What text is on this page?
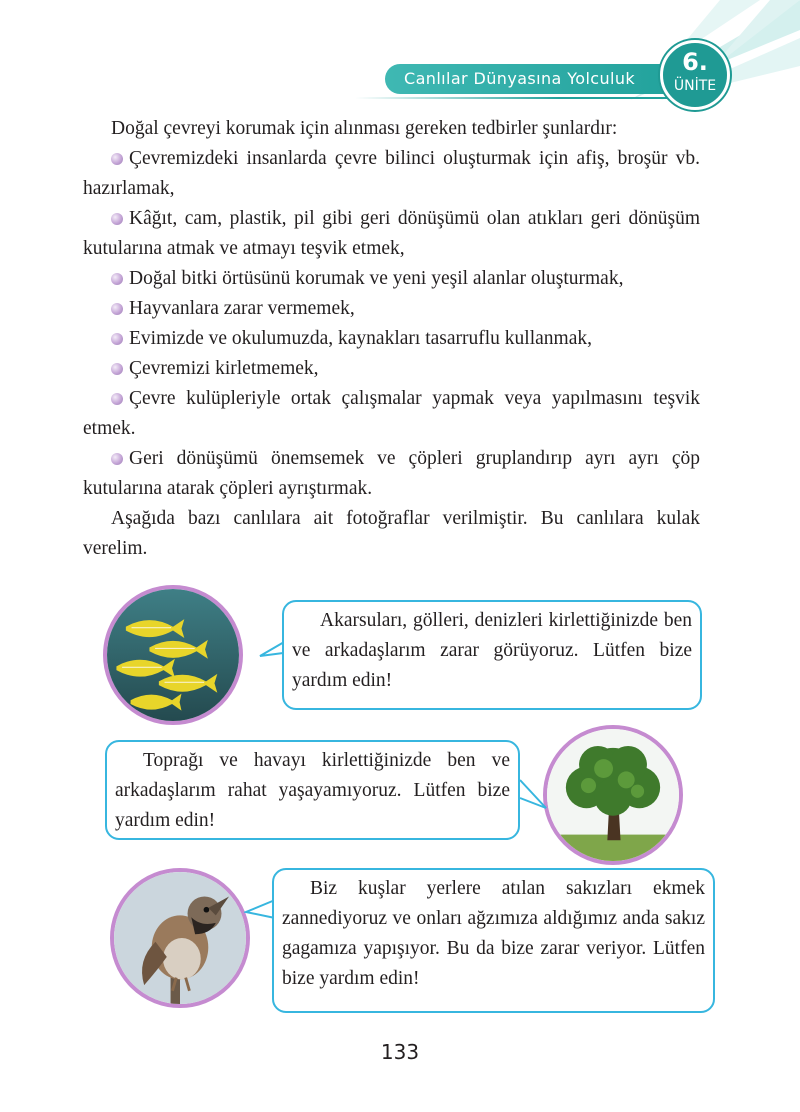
Canlılar Dünyasına Yolculuk
6.
ÜNİTE

Doğal çevreyi korumak için alınması gereken tedbirler şunlardır:

Çevremizdeki insanlarda çevre bilinci oluşturmak için afiş, broşür vb. hazırlamak,

Kâğıt, cam, plastik, pil gibi geri dönüşümü olan atıkları geri dönüşüm kutularına atmak ve atmayı teşvik etmek,

Doğal bitki örtüsünü korumak ve yeni yeşil alanlar oluşturmak,

Hayvanlara zarar vermemek,

Evimizde ve okulumuzda, kaynakları tasarruflu kullanmak,

Çevremizi kirletmemek,

Çevre kulüpleriyle ortak çalışmalar yapmak veya yapılmasını teşvik etmek.

Geri dönüşümü önemsemek ve çöpleri gruplandırıp ayrı ayrı çöp kutularına atarak çöpleri ayrıştırmak.

Aşağıda bazı canlılara ait fotoğraflar verilmiştir. Bu canlılara kulak verelim.

Akarsuları, gölleri, denizleri kirlettiğinizde ben ve arkadaşlarım zarar görüyoruz. Lütfen bize yardım edin!

Toprağı ve havayı kirlettiğinizde ben ve arkadaşlarım rahat yaşayamıyoruz. Lütfen bize yardım edin!

Biz kuşlar yerlere atılan sakızları ekmek zannediyoruz ve onları ağzımıza aldığımız anda sakız gagamıza yapışıyor. Bu da bize zarar veriyor. Lütfen bize yardım edin!

133
